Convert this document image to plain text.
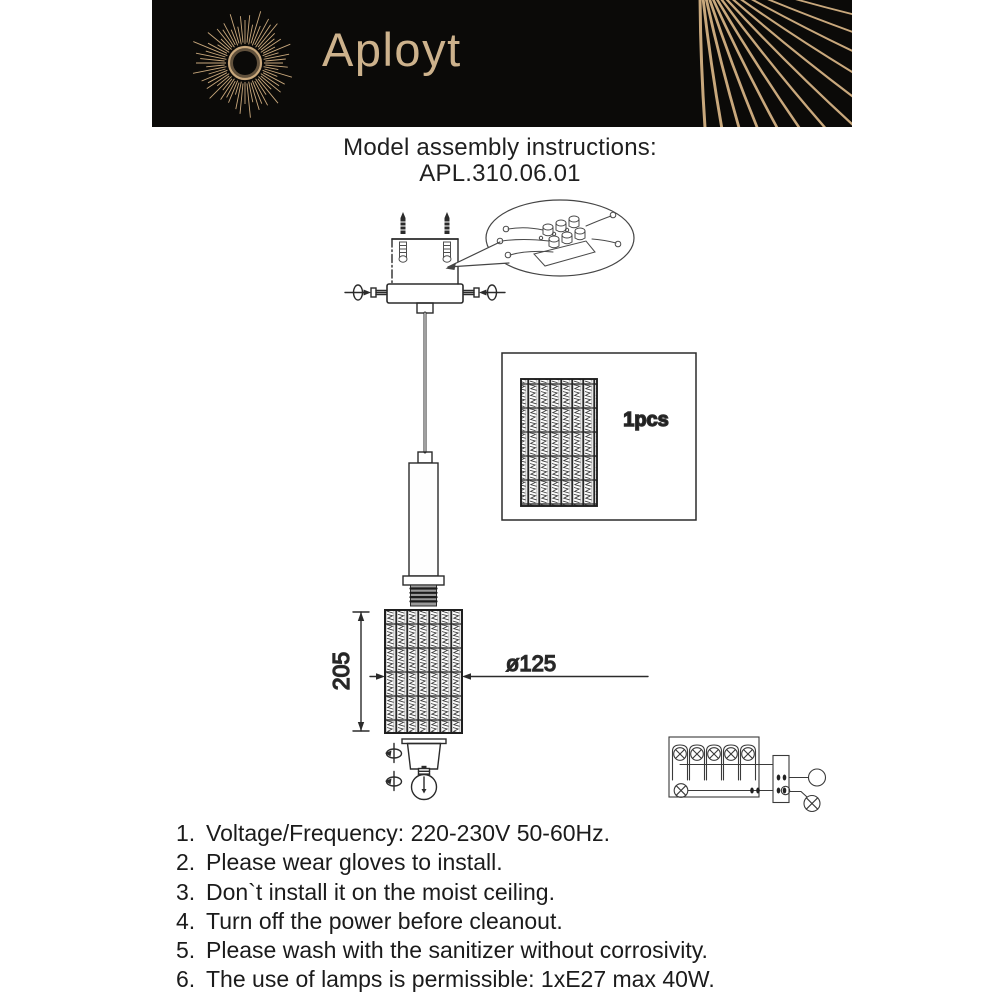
Aployt
Model assembly instructions:
APL.310.06.01
205	ø125
1pcs
1. Voltage/Frequency: 220-230V 50-60Hz.
2. Please wear gloves to install.
3. Don`t install it on the moist ceiling.
4. Turn off the power before cleanout.
5. Please wash with the sanitizer without corrosivity.
6. The use of lamps is permissible: 1xE27 max 40W.
